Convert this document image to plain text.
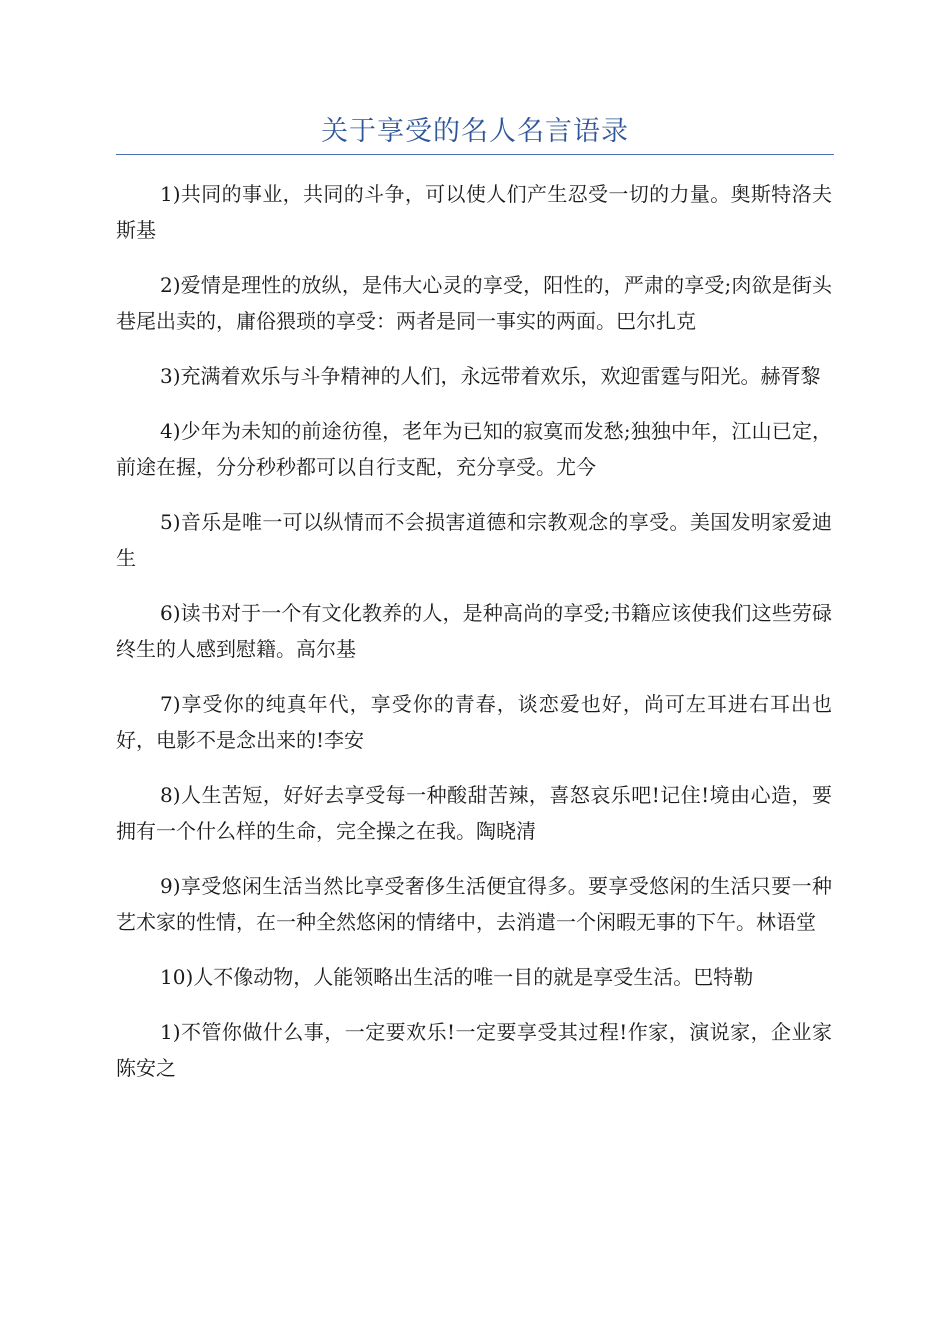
关于享受的名人名言语录

1)共同的事业，共同的斗争，可以使人们产生忍受一切的力量。奥斯特洛夫斯基

2)爱情是理性的放纵，是伟大心灵的享受，阳性的，严肃的享受;肉欲是街头巷尾出卖的，庸俗猥琐的享受：两者是同一事实的两面。巴尔扎克

3)充满着欢乐与斗争精神的人们，永远带着欢乐，欢迎雷霆与阳光。赫胥黎

4)少年为未知的前途彷徨，老年为已知的寂寞而发愁;独独中年，江山已定，前途在握，分分秒秒都可以自行支配，充分享受。尤今

5)音乐是唯一可以纵情而不会损害道德和宗教观念的享受。美国发明家爱迪生

6)读书对于一个有文化教养的人，是种高尚的享受;书籍应该使我们这些劳碌终生的人感到慰籍。高尔基

7)享受你的纯真年代，享受你的青春，谈恋爱也好，尚可左耳进右耳出也好，电影不是念出来的!李安

8)人生苦短，好好去享受每一种酸甜苦辣，喜怒哀乐吧!记住!境由心造，要拥有一个什么样的生命，完全操之在我。陶晓清

9)享受悠闲生活当然比享受奢侈生活便宜得多。要享受悠闲的生活只要一种艺术家的性情，在一种全然悠闲的情绪中，去消遣一个闲暇无事的下午。林语堂

10)人不像动物，人能领略出生活的唯一目的就是享受生活。巴特勒

1)不管你做什么事，一定要欢乐!一定要享受其过程!作家，演说家，企业家陈安之
